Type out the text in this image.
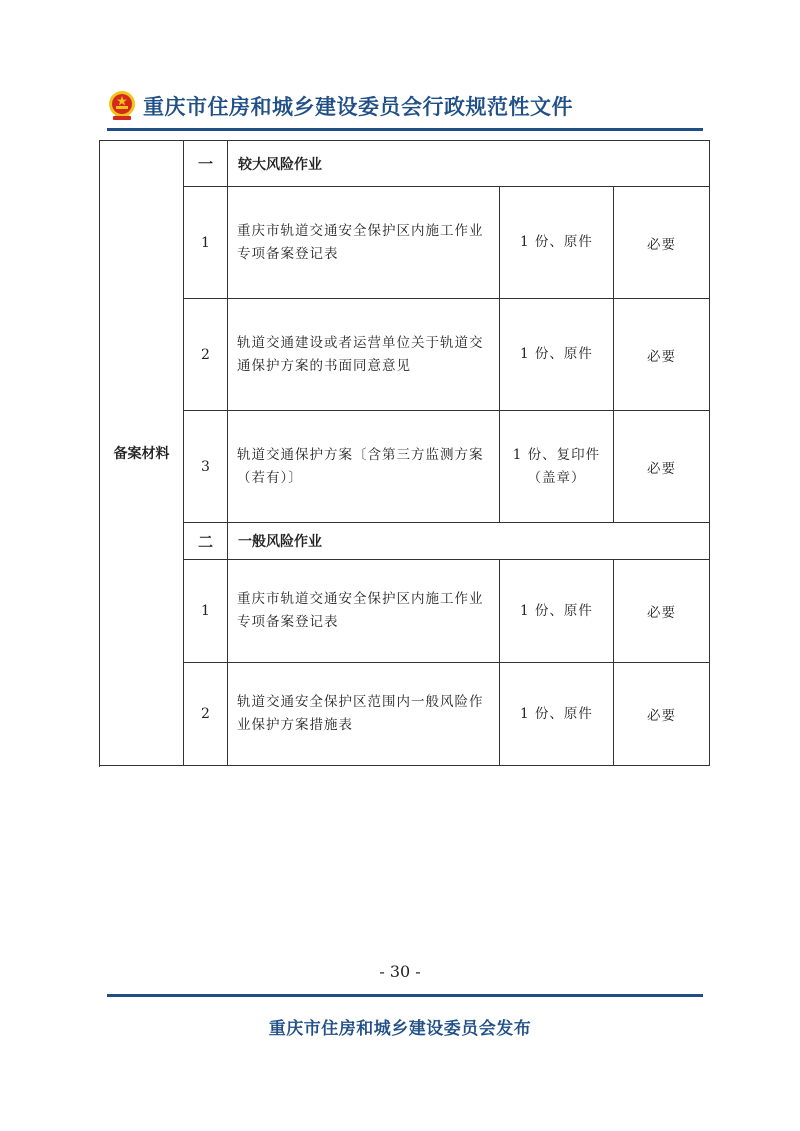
重庆市住房和城乡建设委员会行政规范性文件
备案材料	一	较大风险作业		
	1	重庆市轨道交通安全保护区内施工作业专项备案登记表	1 份、原件	必要
	2	轨道交通建设或者运营单位关于轨道交通保护方案的书面同意意见	1 份、原件	必要
	3	轨道交通保护方案〔含第三方监测方案（若有）〕	1 份、复印件（盖章）	必要
	二	一般风险作业		
	1	重庆市轨道交通安全保护区内施工作业专项备案登记表	1 份、原件	必要
	2	轨道交通安全保护区范围内一般风险作业保护方案措施表	1 份、原件	必要

- 30 -
重庆市住房和城乡建设委员会发布
